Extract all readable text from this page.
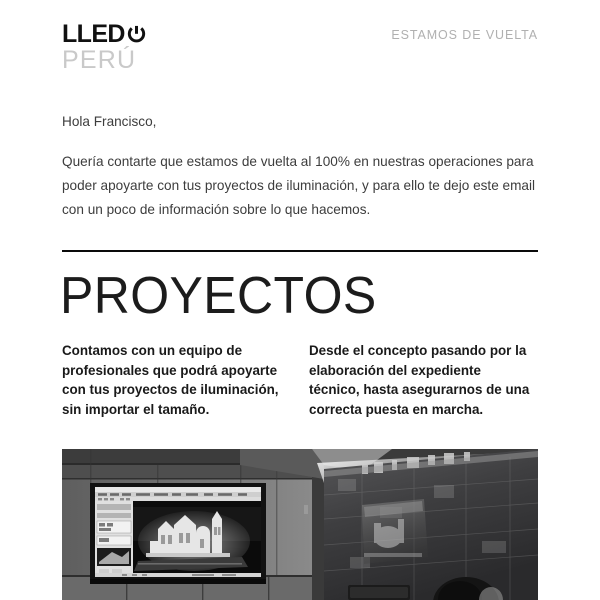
LLED
PERÚ
ESTAMOS DE VUELTA

Hola Francisco,

Quería contarte que estamos de vuelta al 100% en nuestras operaciones para poder apoyarte con tus proyectos de iluminación, y para ello te dejo este email con un poco de información sobre lo que hacemos.

PROYECTOS

Contamos con un equipo de profesionales que podrá apoyarte con tus proyectos de iluminación, sin importar el tamaño.

Desde el concepto pasando por la elaboración del expediente técnico, hasta asegurarnos de una correcta puesta en marcha.
